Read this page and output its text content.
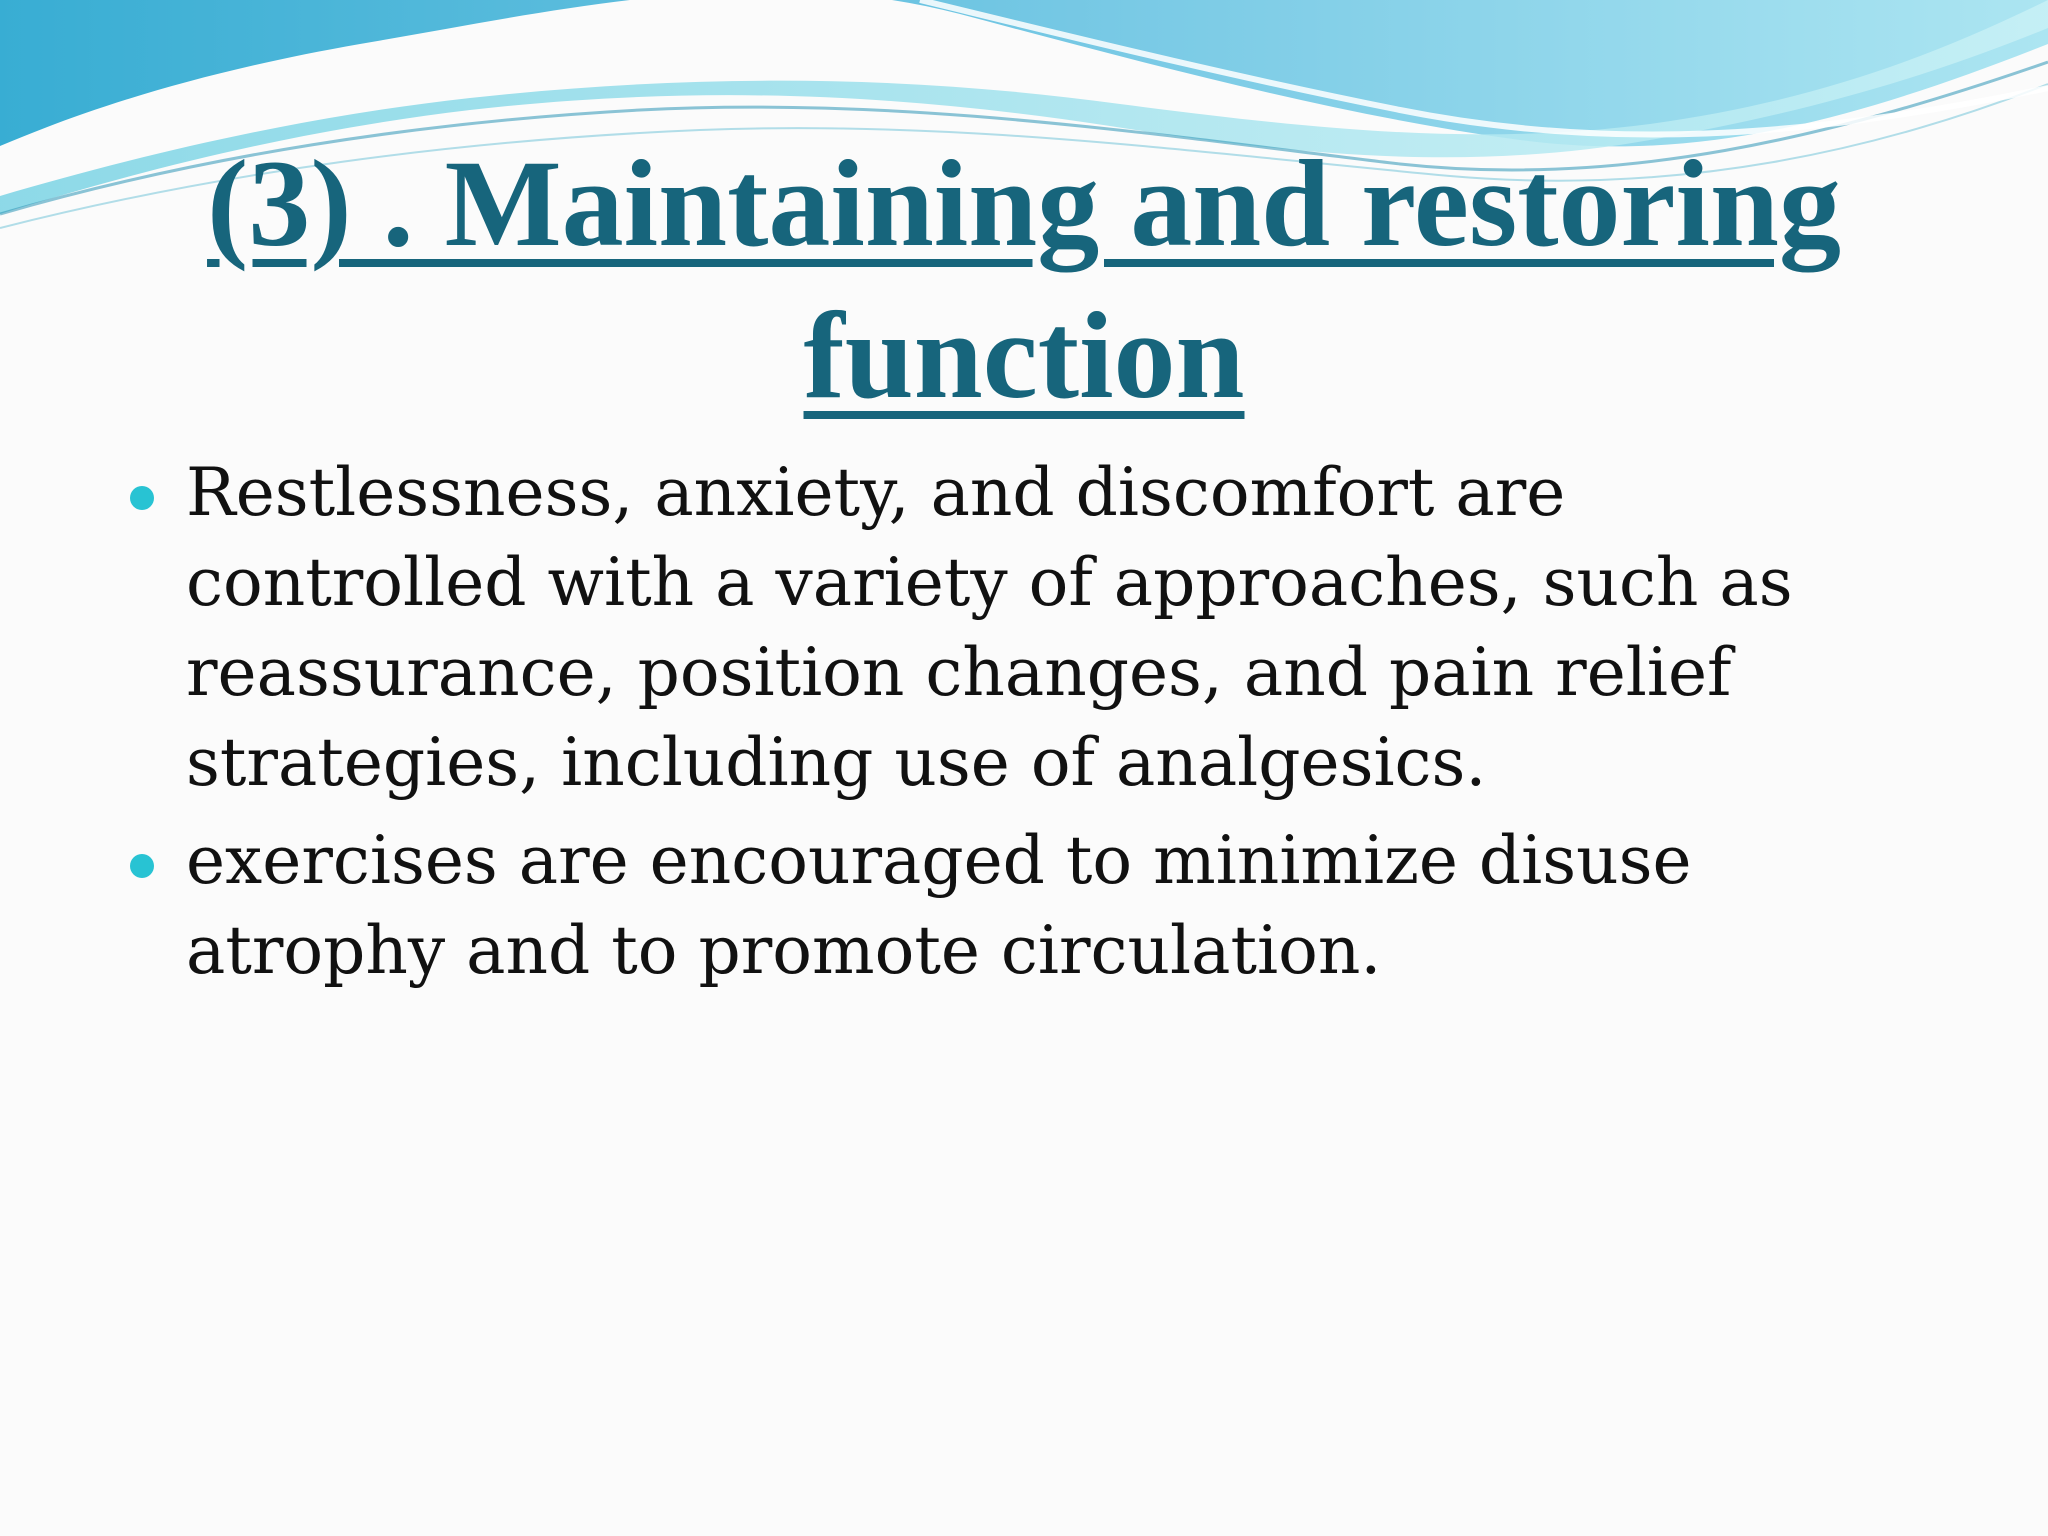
(3) . Maintaining and restoring
function
Restlessness, anxiety, and discomfort are controlled with a variety of approaches, such as reassurance, position changes, and pain relief strategies, including use of analgesics.
exercises are encouraged to minimize disuse atrophy and to promote circulation.
